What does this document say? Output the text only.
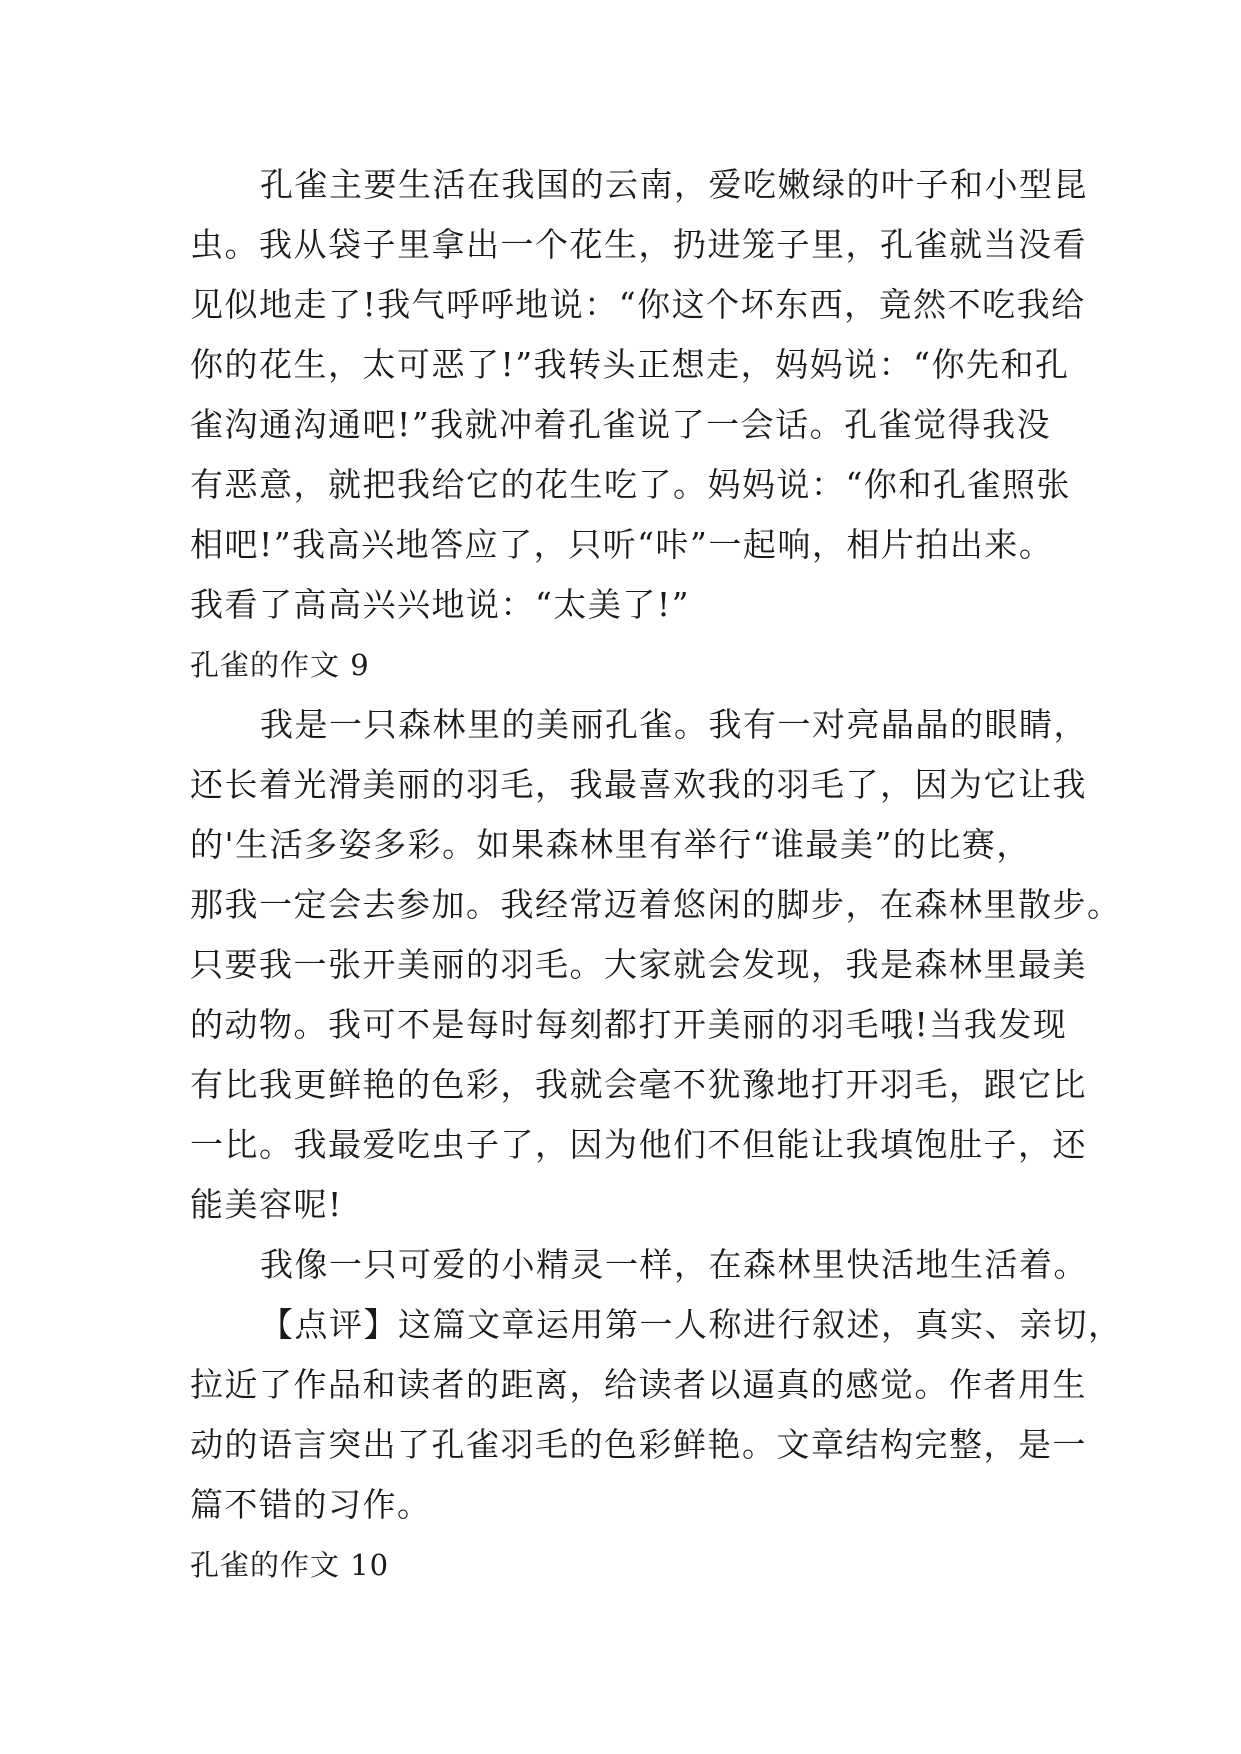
孔雀主要生活在我国的云南，爱吃嫩绿的叶子和小型昆
虫。我从袋子里拿出一个花生，扔进笼子里，孔雀就当没看
见似地走了!我气呼呼地说：“你这个坏东西，竟然不吃我给
你的花生，太可恶了!”我转头正想走，妈妈说：“你先和孔
雀沟通沟通吧!”我就冲着孔雀说了一会话。孔雀觉得我没
有恶意，就把我给它的花生吃了。妈妈说：“你和孔雀照张
相吧!”我高兴地答应了，只听“咔”一起响，相片拍出来。
我看了高高兴兴地说：“太美了!”
孔雀的作文 9
我是一只森林里的美丽孔雀。我有一对亮晶晶的眼睛，
还长着光滑美丽的羽毛，我最喜欢我的羽毛了，因为它让我
的'生活多姿多彩。如果森林里有举行“谁最美”的比赛，
那我一定会去参加。我经常迈着悠闲的脚步，在森林里散步。
只要我一张开美丽的羽毛。大家就会发现，我是森林里最美
的动物。我可不是每时每刻都打开美丽的羽毛哦!当我发现
有比我更鲜艳的色彩，我就会毫不犹豫地打开羽毛，跟它比
一比。我最爱吃虫子了，因为他们不但能让我填饱肚子，还
能美容呢!
我像一只可爱的小精灵一样，在森林里快活地生活着。
【点评】这篇文章运用第一人称进行叙述，真实、亲切，
拉近了作品和读者的距离，给读者以逼真的感觉。作者用生
动的语言突出了孔雀羽毛的色彩鲜艳。文章结构完整，是一
篇不错的习作。
孔雀的作文 10
